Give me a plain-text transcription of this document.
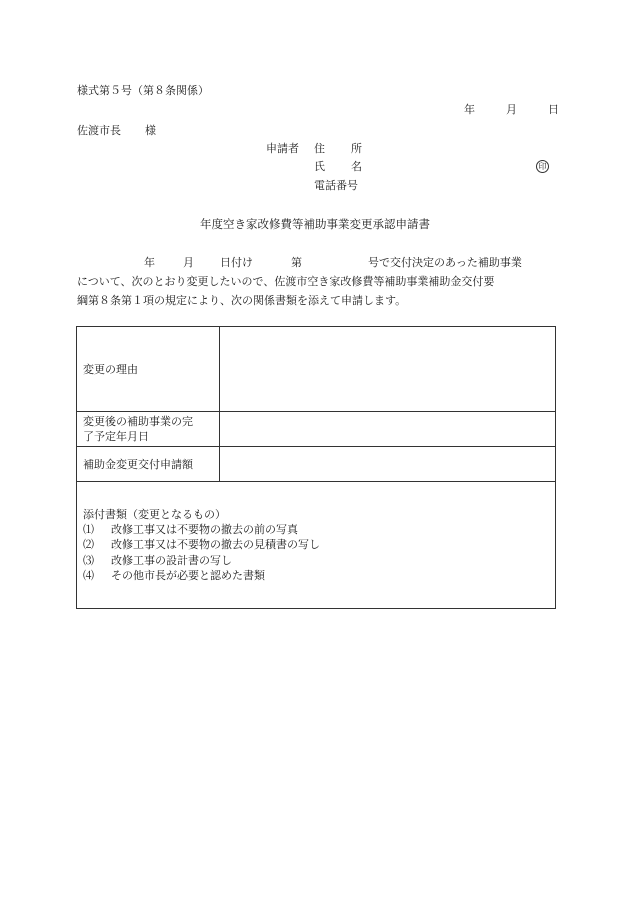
様式第５号（第８条関係）
年	月	日
佐渡市長 様
申請者 住 所
氏 名
電話番号
印
年度空き家改修費等補助事業変更承認申請書
年	月 日付け	第	号で交付決定のあった補助事業
について、次のとおり変更したいので、佐渡市空き家改修費等補助事業補助金交付要
綱第８条第１項の規定により、次の関係書類を添えて申請します。
変更の理由	

変更後の補助事業の完
了予定年月日	

補助金変更交付申請額	

添付書類（変更となるもの）
⑴ 改修工事又は不要物の撤去の前の写真
⑵ 改修工事又は不要物の撤去の見積書の写し
⑶ 改修工事の設計書の写し
⑷ その他市長が必要と認めた書類	
